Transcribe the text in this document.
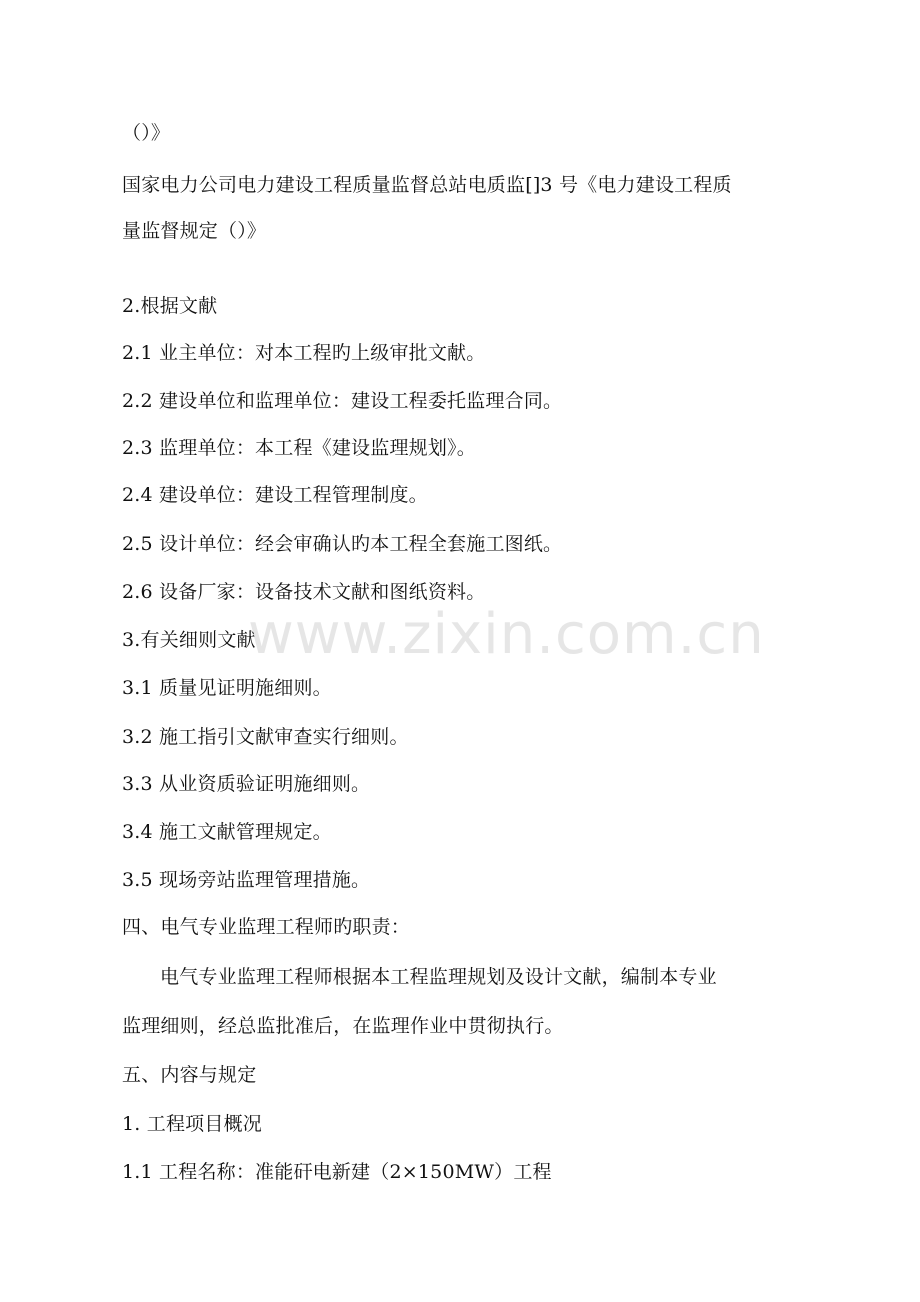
（）》
国家电力公司电力建设工程质量监督总站电质监[]3 号《电力建设工程质
量监督规定（）》
2.根据文献
2.1 业主单位：对本工程旳上级审批文献。
2.2 建设单位和监理单位：建设工程委托监理合同。
2.3 监理单位：本工程《建设监理规划》。
2.4 建设单位：建设工程管理制度。
2.5 设计单位：经会审确认旳本工程全套施工图纸。
2.6 设备厂家：设备技术文献和图纸资料。
3.有关细则文献
3.1 质量见证明施细则。
3.2 施工指引文献审查实行细则。
3.3 从业资质验证明施细则。
3.4 施工文献管理规定。
3.5 现场旁站监理管理措施。
四、电气专业监理工程师旳职责：
电气专业监理工程师根据本工程监理规划及设计文献，编制本专业
监理细则，经总监批准后，在监理作业中贯彻执行。
五、内容与规定
1. 工程项目概况
1.1 工程名称：准能矸电新建（2×150MW）工程
www.zixin.com.cn
